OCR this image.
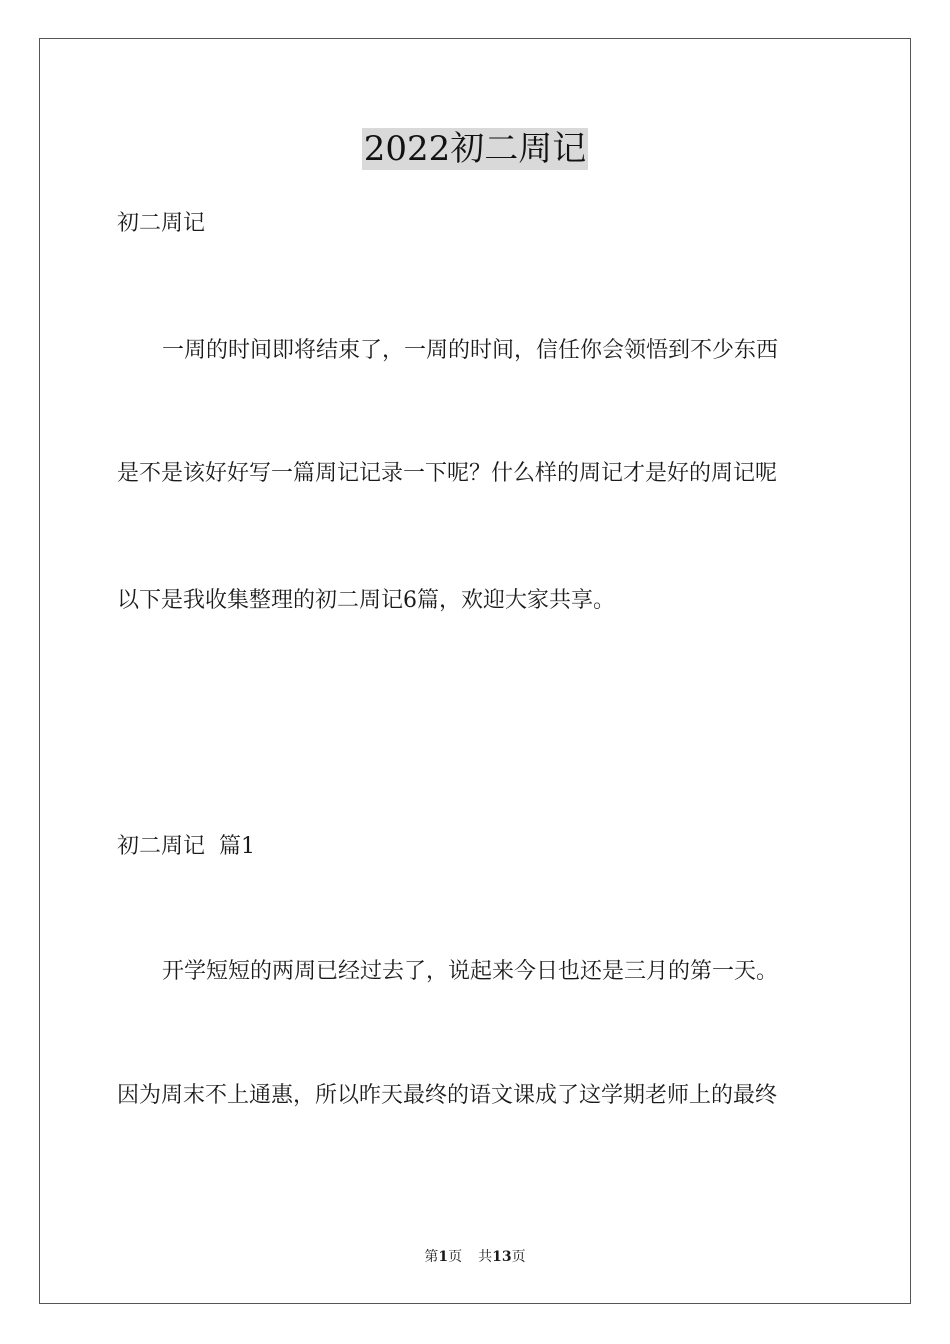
2022初二周记
初二周记
一周的时间即将结束了，一周的时间，信任你会领悟到不少东西
是不是该好好写一篇周记记录一下呢？什么样的周记才是好的周记呢
以下是我收集整理的初二周记6篇，欢迎大家共享。
初二周记  篇1
开学短短的两周已经过去了，说起来今日也还是三月的第一天。
因为周末不上通惠，所以昨天最终的语文课成了这学期老师上的最终
第1页 共13页
